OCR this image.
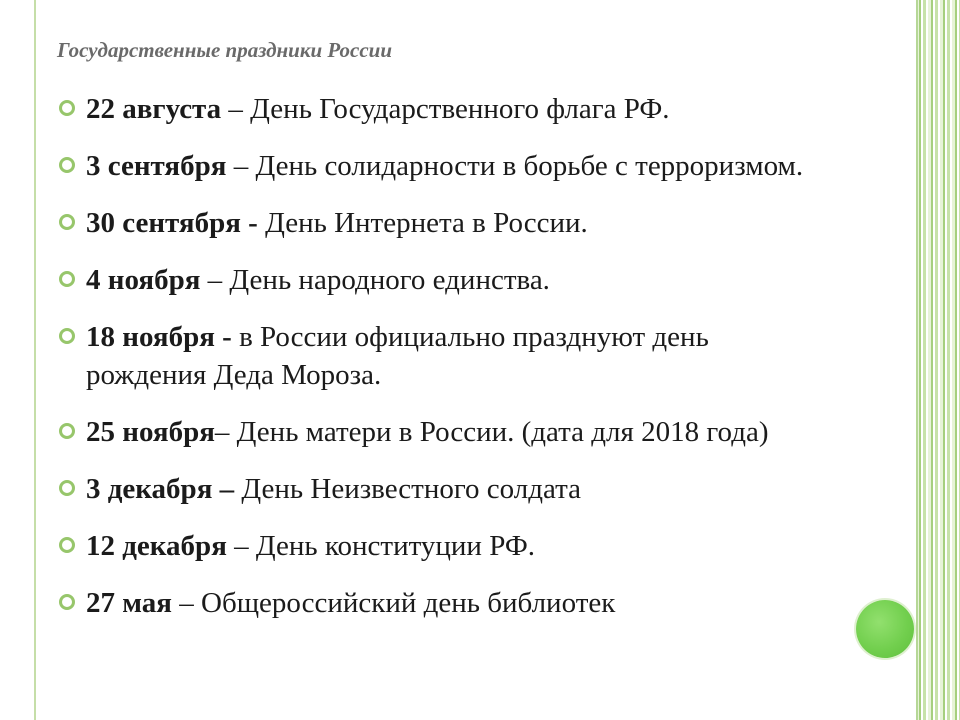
Государственные праздники России
22 августа – День Государственного флага РФ.
3 сентября – День солидарности в борьбе с терроризмом.
30 сентября - День Интернета в России.
4 ноября – День народного единства.
18 ноября - в России официально празднуют день рождения Деда Мороза.
25 ноября– День матери в России. (дата для 2018 года)
3 декабря – День Неизвестного солдата
12 декабря – День конституции РФ.
27 мая – Общероссийский день библиотек
